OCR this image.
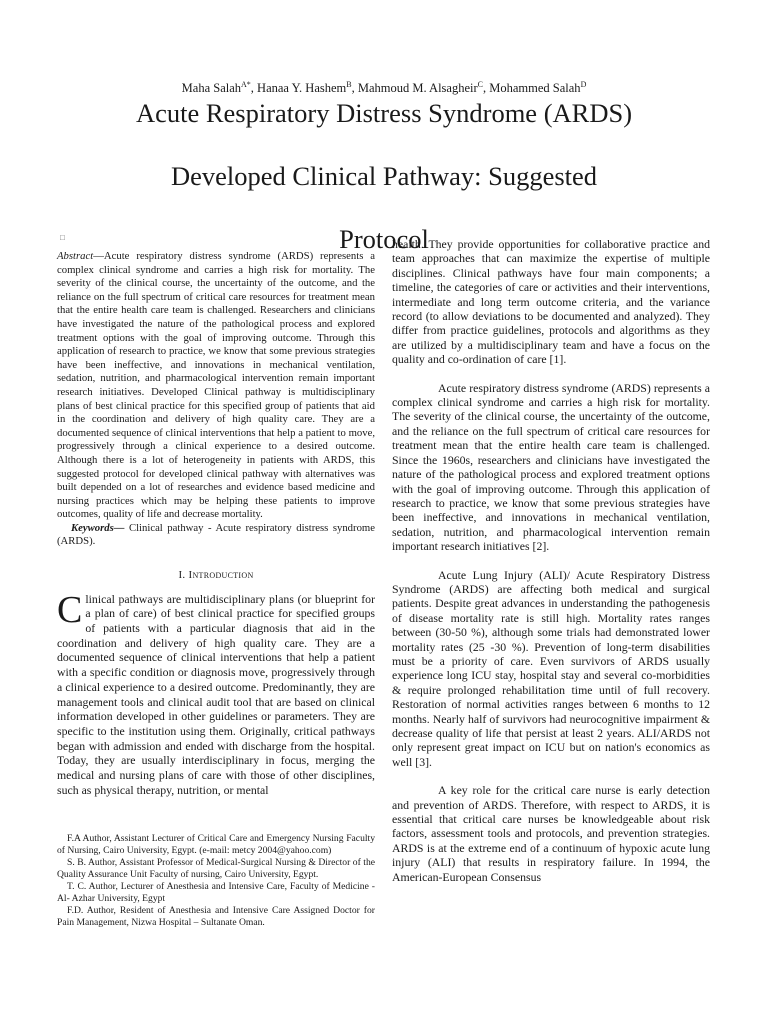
Maha Salah$^{A*}$, Hanaa Y. Hashem$^B$, Mahmoud M. Alsagheir$^C$, Mohammed Salah$^D$
Acute Respiratory Distress Syndrome (ARDS)
Developed Clinical Pathway: Suggested
Protocol
□

Abstract—Acute respiratory distress syndrome (ARDS) represents a complex clinical syndrome and carries a high risk for mortality. The severity of the clinical course, the uncertainty of the outcome, and the reliance on the full spectrum of critical care resources for treatment mean that the entire health care team is challenged. Researchers and clinicians have investigated the nature of the pathological process and explored treatment options with the goal of improving outcome. Through this application of research to practice, we know that some previous strategies have been ineffective, and innovations in mechanical ventilation, sedation, nutrition, and pharmacological intervention remain important research initiatives. Developed Clinical pathway is multidisciplinary plans of best clinical practice for this specified group of patients that aid in the coordination and delivery of high quality care. They are a documented sequence of clinical interventions that help a patient to move, progressively through a clinical experience to a desired outcome. Although there is a lot of heterogeneity in patients with ARDS, this suggested protocol for developed clinical pathway with alternatives was built depended on a lot of researches and evidence based medicine and nursing practices which may be helping these patients to improve outcomes, quality of life and decrease mortality.

Keywords— Clinical pathway - Acute respiratory distress syndrome (ARDS).

I. Introduction

Clinical pathways are multidisciplinary plans (or blueprint for a plan of care) of best clinical practice for specified groups of patients with a particular diagnosis that aid in the coordination and delivery of high quality care. They are a documented sequence of clinical interventions that help a patient with a specific condition or diagnosis move, progressively through a clinical experience to a desired outcome. Predominantly, they are management tools and clinical audit tool that are based on clinical information developed in other guidelines or parameters. They are specific to the institution using them. Originally, critical pathways began with admission and ended with discharge from the hospital. Today, they are usually interdisciplinary in focus, merging the medical and nursing plans of care with those of other disciplines, such as physical therapy, nutrition, or mental

F.A Author, Assistant Lecturer of Critical Care and Emergency Nursing Faculty of Nursing, Cairo University, Egypt. (e-mail: metcy 2004@yahoo.com)

S. B. Author, Assistant Professor of Medical-Surgical Nursing & Director of the Quality Assurance Unit Faculty of nursing, Cairo University, Egypt.

T. C. Author, Lecturer of Anesthesia and Intensive Care, Faculty of Medicine - Al- Azhar University, Egypt

F.D. Author, Resident of Anesthesia and Intensive Care Assigned Doctor for Pain Management, Nizwa Hospital – Sultanate Oman.

health. They provide opportunities for collaborative practice and team approaches that can maximize the expertise of multiple disciplines. Clinical pathways have four main components; a timeline, the categories of care or activities and their interventions, intermediate and long term outcome criteria, and the variance record (to allow deviations to be documented and analyzed). They differ from practice guidelines, protocols and algorithms as they are utilized by a multidisciplinary team and have a focus on the quality and co-ordination of care [1].

Acute respiratory distress syndrome (ARDS) represents a complex clinical syndrome and carries a high risk for mortality. The severity of the clinical course, the uncertainty of the outcome, and the reliance on the full spectrum of critical care resources for treatment mean that the entire health care team is challenged. Since the 1960s, researchers and clinicians have investigated the nature of the pathological process and explored treatment options with the goal of improving outcome. Through this application of research to practice, we know that some previous strategies have been ineffective, and innovations in mechanical ventilation, sedation, nutrition, and pharmacological intervention remain important research initiatives [2].

Acute Lung Injury (ALI)/ Acute Respiratory Distress Syndrome (ARDS) are affecting both medical and surgical patients. Despite great advances in understanding the pathogenesis of disease mortality rate is still high. Mortality rates ranges between (30-50 %), although some trials had demonstrated lower mortality rates (25 -30 %). Prevention of long-term disabilities must be a priority of care. Even survivors of ARDS usually experience long ICU stay, hospital stay and several co-morbidities & require prolonged rehabilitation time until of full recovery. Restoration of normal activities ranges between 6 months to 12 months. Nearly half of survivors had neurocognitive impairment & decrease quality of life that persist at least 2 years. ALI/ARDS not only represent great impact on ICU but on nation's economics as well [3].

A key role for the critical care nurse is early detection and prevention of ARDS. Therefore, with respect to ARDS, it is essential that critical care nurses be knowledgeable about risk factors, assessment tools and protocols, and prevention strategies. ARDS is at the extreme end of a continuum of hypoxic acute lung injury (ALI) that results in respiratory failure. In 1994, the American-European Consensus
